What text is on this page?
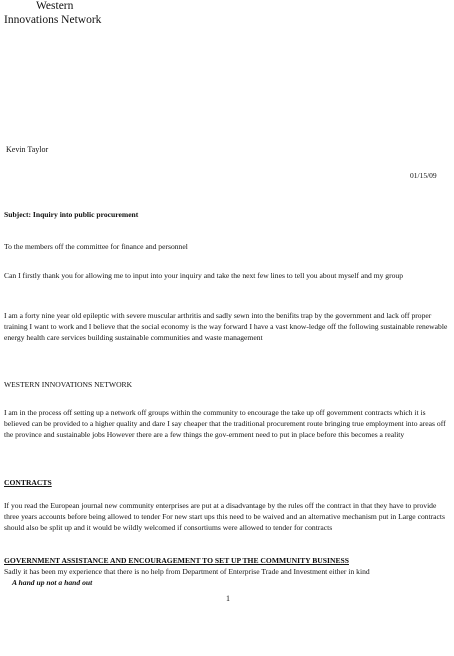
Western
Innovations Network
Kevin Taylor
01/15/09
Subject: Inquiry into public procurement
To the members off the committee for finance and personnel
Can I firstly thank you for allowing me to input into your inquiry and take the next few lines to tell you about myself and my group
I am a forty nine year old epileptic with severe muscular arthritis and sadly sewn into the benifits trap by the government and lack off proper training I want to work and I believe that the social economy is the way forward I have a vast know-ledge off the following sustainable renewable energy health care services building sustainable communities and waste management
WESTERN INNOVATIONS NETWORK
I am in the process off setting up a network off groups within the community to encourage the take up off government contracts which it is believed can be provided to a higher quality and dare I say cheaper that the traditional procurement route bringing true employment into areas off the province and sustainable jobs However there are a few things the gov-ernment need to put in place before this becomes a reality
CONTRACTS
If you read the European journal new community enterprises are put at a disadvantage by the rules off the contract in that they have to provide three years accounts before being allowed to tender For new start ups this need to be waived and an alternative mechanism put in Large contracts should also be split up and it would be wildly welcomed if consortiums were allowed to tender for contracts
GOVERNMENT ASSISTANCE AND ENCOURAGEMENT TO SET UP THE COMMUNITY BUSINESS
Sadly it has been my experience that there is no help from Department of Enterprise Trade and Investment either in kind
A hand up not a hand out
1
